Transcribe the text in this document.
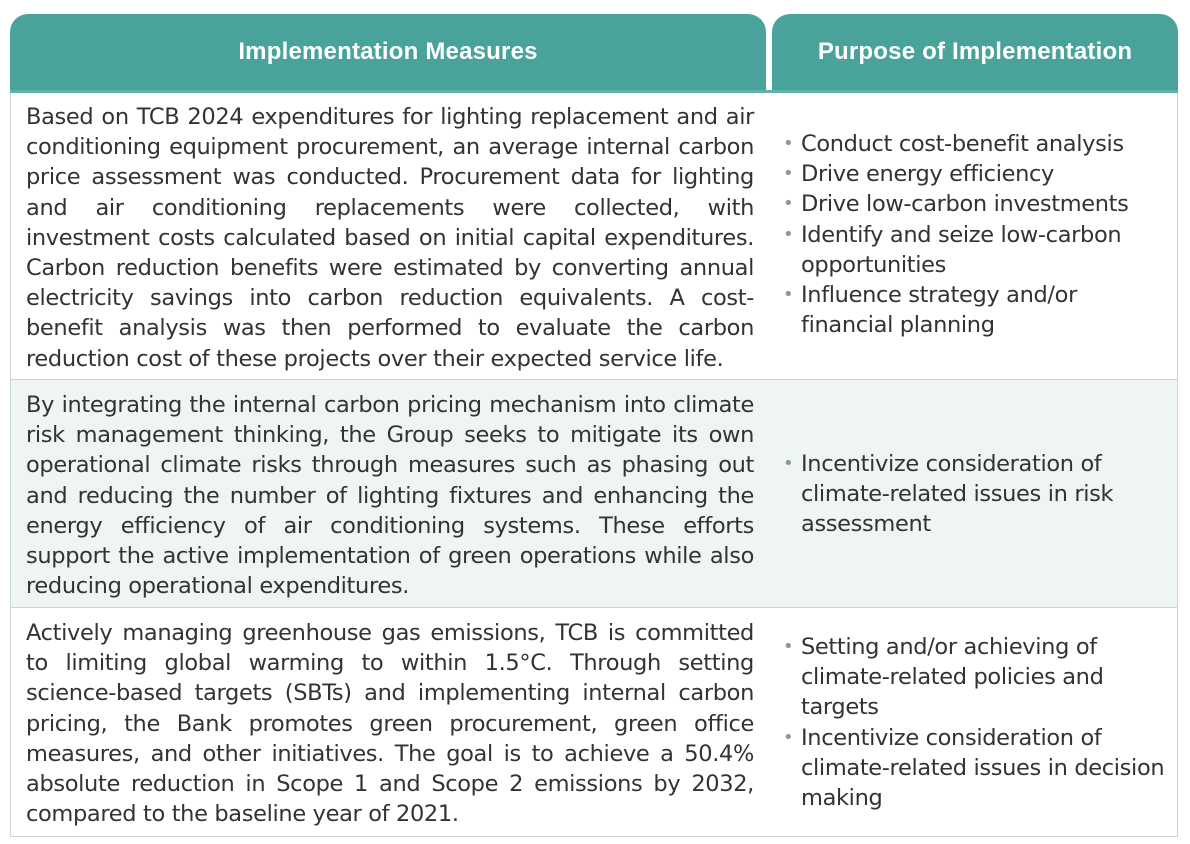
Implementation Measures	Purpose of Implementation
Based on TCB 2024 expenditures for lighting replacement and air conditioning equipment procurement, an average internal carbon price assessment was conducted. Procurement data for lighting and air conditioning replacements were collected, with investment costs calculated based on initial capital expenditures. Carbon reduction benefits were estimated by converting annual electricity savings into carbon reduction equivalents. A cost-benefit analysis was then performed to evaluate the carbon reduction cost of these projects over their expected service life.
• Conduct cost-benefit analysis
• Drive energy efficiency
• Drive low-carbon investments
• Identify and seize low-carbon opportunities
• Influence strategy and/or financial planning
By integrating the internal carbon pricing mechanism into climate risk management thinking, the Group seeks to mitigate its own operational climate risks through measures such as phasing out and reducing the number of lighting fixtures and enhancing the energy efficiency of air conditioning systems. These efforts support the active implementation of green operations while also reducing operational expenditures.
• Incentivize consideration of climate-related issues in risk assessment
Actively managing greenhouse gas emissions, TCB is committed to limiting global warming to within 1.5°C. Through setting science-based targets (SBTs) and implementing internal carbon pricing, the Bank promotes green procurement, green office measures, and other initiatives. The goal is to achieve a 50.4% absolute reduction in Scope 1 and Scope 2 emissions by 2032, compared to the baseline year of 2021.
• Setting and/or achieving of climate-related policies and targets
• Incentivize consideration of climate-related issues in decision making
